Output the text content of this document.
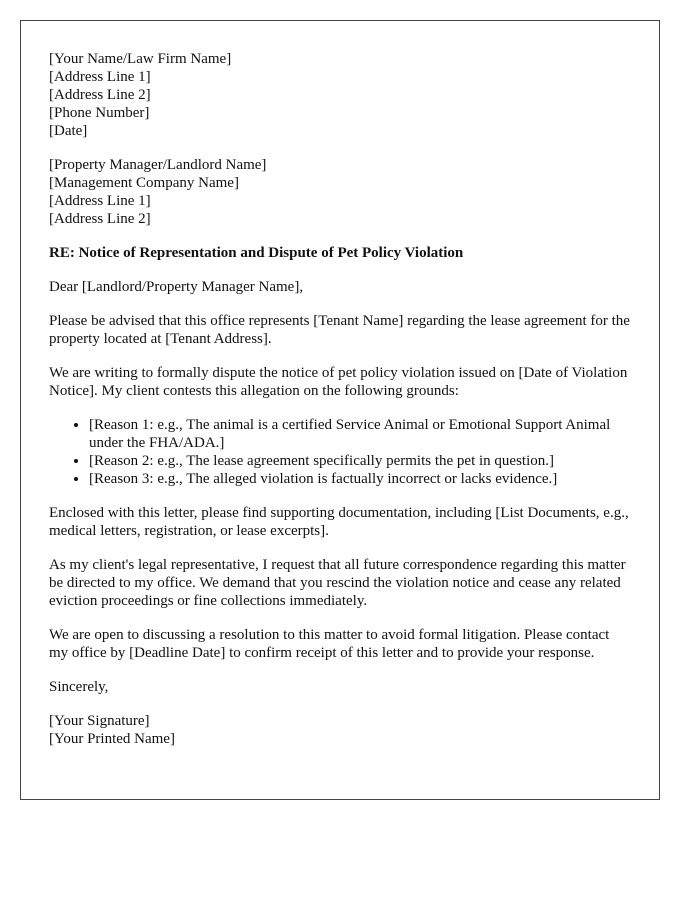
[Your Name/Law Firm Name]
[Address Line 1]
[Address Line 2]
[Phone Number]
[Date]
[Property Manager/Landlord Name]
[Management Company Name]
[Address Line 1]
[Address Line 2]

RE: Notice of Representation and Dispute of Pet Policy Violation

Dear [Landlord/Property Manager Name],

Please be advised that this office represents [Tenant Name] regarding the lease agreement for the property located at [Tenant Address].

We are writing to formally dispute the notice of pet policy violation issued on [Date of Violation Notice]. My client contests this allegation on the following grounds:

• [Reason 1: e.g., The animal is a certified Service Animal or Emotional Support Animal under the FHA/ADA.]
• [Reason 2: e.g., The lease agreement specifically permits the pet in question.]
• [Reason 3: e.g., The alleged violation is factually incorrect or lacks evidence.]

Enclosed with this letter, please find supporting documentation, including [List Documents, e.g., medical letters, registration, or lease excerpts].

As my client's legal representative, I request that all future correspondence regarding this matter be directed to my office. We demand that you rescind the violation notice and cease any related eviction proceedings or fine collections immediately.

We are open to discussing a resolution to this matter to avoid formal litigation. Please contact my office by [Deadline Date] to confirm receipt of this letter and to provide your response.

Sincerely,

[Your Signature]
[Your Printed Name]
